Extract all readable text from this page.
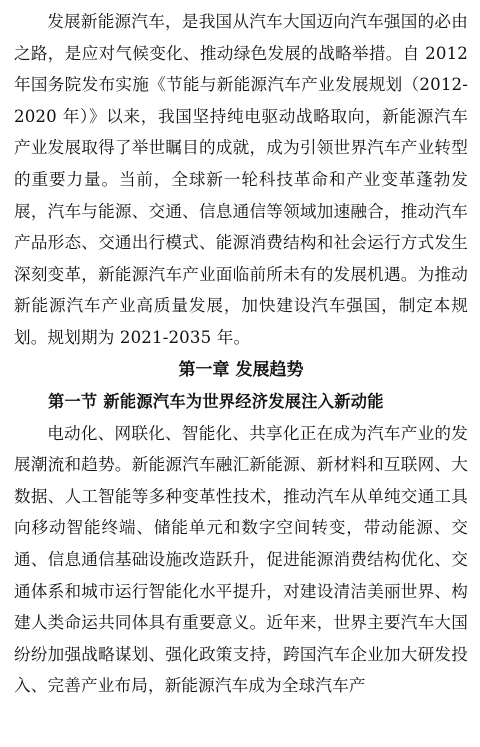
发展新能源汽车，是我国从汽车大国迈向汽车强国的必由之路，是应对气候变化、推动绿色发展的战略举措。自 2012 年国务院发布实施《节能与新能源汽车产业发展规划（2012-2020 年）》以来，我国坚持纯电驱动战略取向，新能源汽车产业发展取得了举世瞩目的成就，成为引领世界汽车产业转型的重要力量。当前，全球新一轮科技革命和产业变革蓬勃发展，汽车与能源、交通、信息通信等领域加速融合，推动汽车产品形态、交通出行模式、能源消费结构和社会运行方式发生深刻变革，新能源汽车产业面临前所未有的发展机遇。为推动新能源汽车产业高质量发展，加快建设汽车强国，制定本规划。规划期为 2021-2035 年。

第一章 发展趋势
第一节 新能源汽车为世界经济发展注入新动能

电动化、网联化、智能化、共享化正在成为汽车产业的发展潮流和趋势。新能源汽车融汇新能源、新材料和互联网、大数据、人工智能等多种变革性技术，推动汽车从单纯交通工具向移动智能终端、储能单元和数字空间转变，带动能源、交通、信息通信基础设施改造跃升，促进能源消费结构优化、交通体系和城市运行智能化水平提升，对建设清洁美丽世界、构建人类命运共同体具有重要意义。近年来，世界主要汽车大国纷纷加强战略谋划、强化政策支持，跨国汽车企业加大研发投入、完善产业布局，新能源汽车成为全球汽车产
